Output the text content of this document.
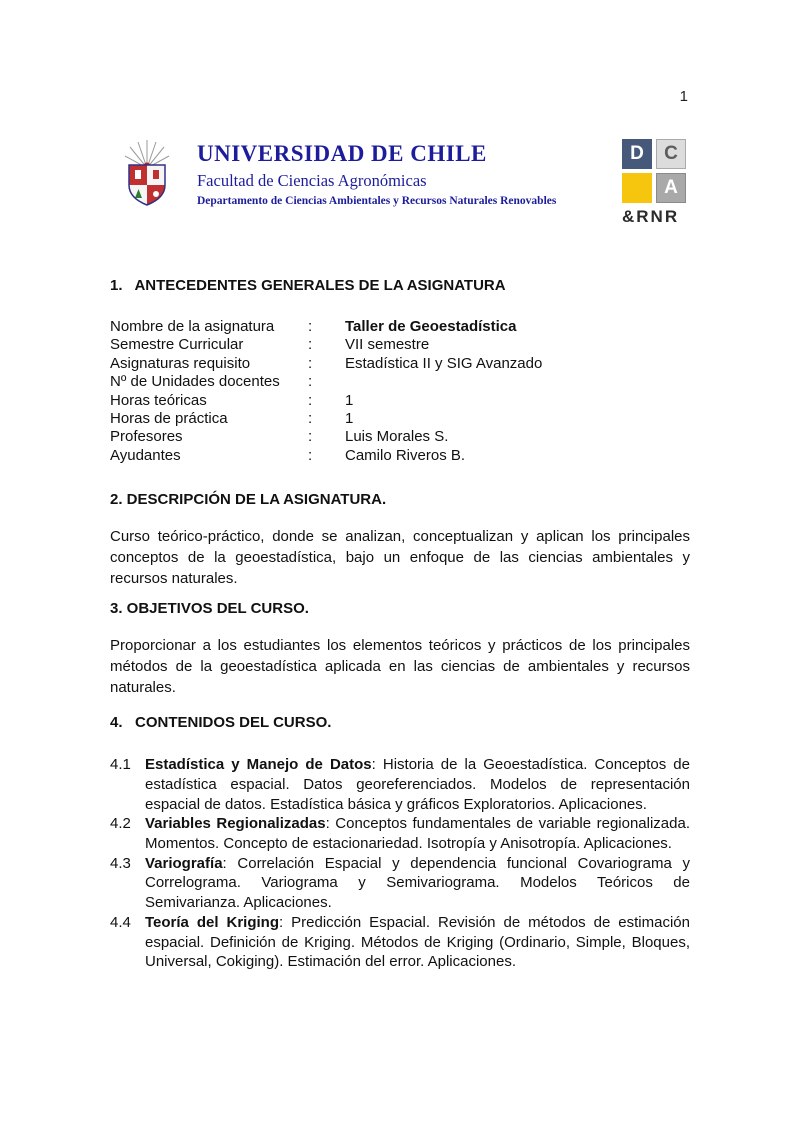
1
UNIVERSIDAD DE CHILE
Facultad de Ciencias Agronómicas
Departamento de Ciencias Ambientales y Recursos Naturales Renovables
D	C
A
&RNR
1.   ANTECEDENTES GENERALES DE LA ASIGNATURA
Nombre de la asignatura	:	Taller de Geoestadística
Semestre Curricular	:	VII semestre
Asignaturas requisito	:	Estadística II y SIG Avanzado
Nº de Unidades docentes	:
Horas teóricas	:	1
Horas de práctica	:	1
Profesores	:	Luis Morales S.
Ayudantes	:	Camilo Riveros B.
2. DESCRIPCIÓN DE LA ASIGNATURA.
Curso teórico-práctico, donde se analizan, conceptualizan y aplican los principales conceptos de la geoestadística, bajo un enfoque de las ciencias ambientales y recursos naturales.
3. OBJETIVOS DEL CURSO.
Proporcionar a los estudiantes los elementos teóricos y prácticos de los principales métodos de la geoestadística aplicada en las ciencias de ambientales y recursos naturales.
4.   CONTENIDOS DEL CURSO.
4.1 Estadística y Manejo de Datos: Historia de la Geoestadística. Conceptos de estadística espacial. Datos georeferenciados. Modelos de representación espacial de datos. Estadística básica y gráficos Exploratorios. Aplicaciones.
4.2 Variables Regionalizadas: Conceptos fundamentales de variable regionalizada. Momentos. Concepto de estacionariedad. Isotropía y Anisotropía. Aplicaciones.
4.3 Variografía: Correlación Espacial y dependencia funcional Covariograma y Correlograma. Variograma y Semivariograma. Modelos Teóricos de Semivarianza. Aplicaciones.
4.4 Teoría del Kriging: Predicción Espacial. Revisión de métodos de estimación espacial. Definición de Kriging. Métodos de Kriging (Ordinario, Simple, Bloques, Universal, Cokiging). Estimación del error. Aplicaciones.
